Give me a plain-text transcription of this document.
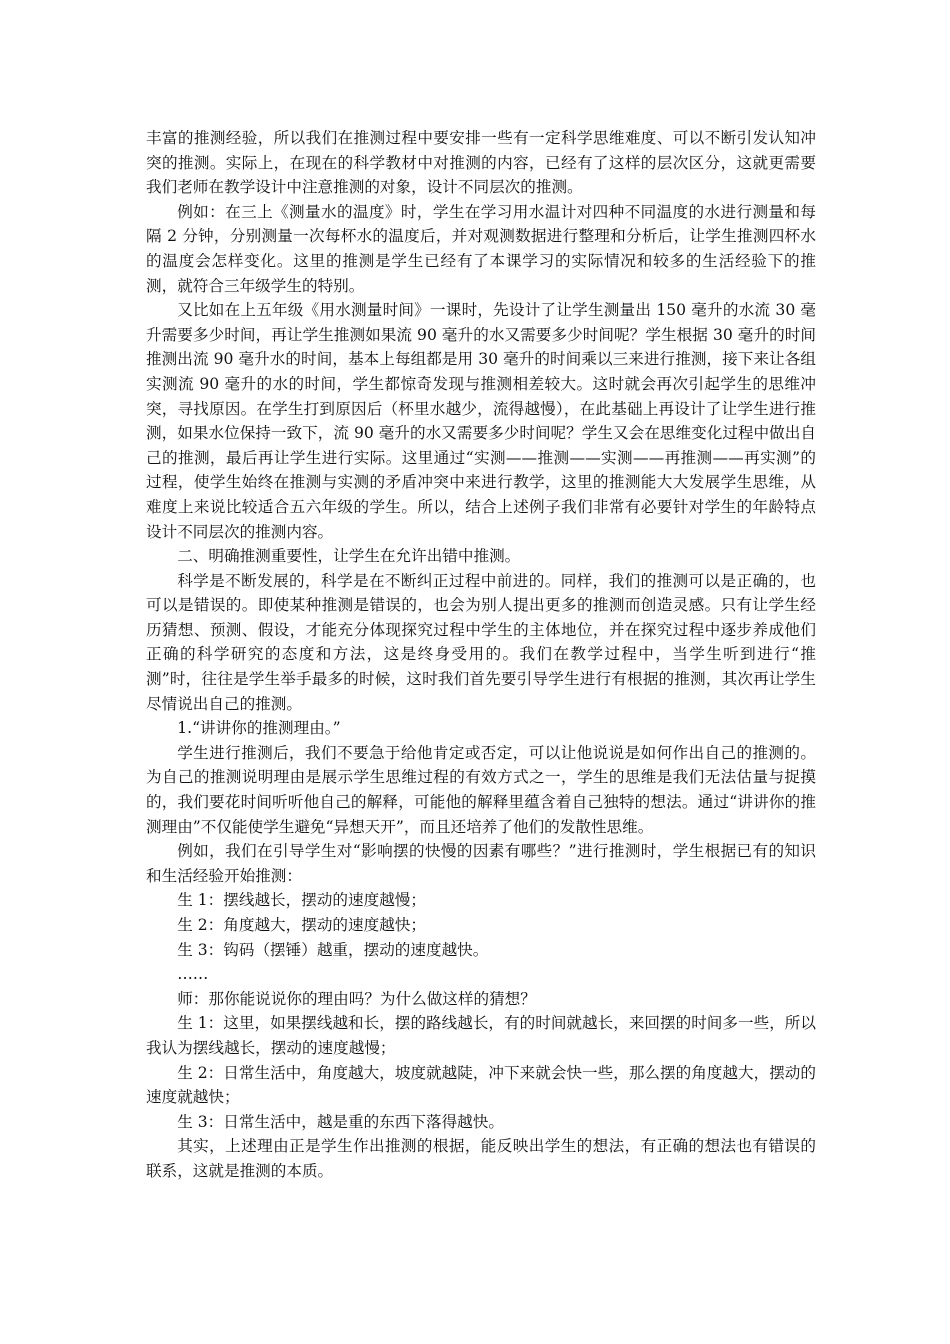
丰富的推测经验，所以我们在推测过程中要安排一些有一定科学思维难度、可以不断引发认知冲突的推测。实际上，在现在的科学教材中对推测的内容，已经有了这样的层次区分，这就更需要我们老师在教学设计中注意推测的对象，设计不同层次的推测。

例如：在三上《测量水的温度》时，学生在学习用水温计对四种不同温度的水进行测量和每隔 2 分钟，分别测量一次每杯水的温度后，并对观测数据进行整理和分析后，让学生推测四杯水的温度会怎样变化。这里的推测是学生已经有了本课学习的实际情况和较多的生活经验下的推测，就符合三年级学生的特别。

又比如在上五年级《用水测量时间》一课时，先设计了让学生测量出 150 毫升的水流 30 毫升需要多少时间，再让学生推测如果流 90 毫升的水又需要多少时间呢？学生根据 30 毫升的时间推测出流 90 毫升水的时间，基本上每组都是用 30 毫升的时间乘以三来进行推测，接下来让各组实测流 90 毫升的水的时间，学生都惊奇发现与推测相差较大。这时就会再次引起学生的思维冲突，寻找原因。在学生打到原因后（杯里水越少，流得越慢），在此基础上再设计了让学生进行推测，如果水位保持一致下，流 90 毫升的水又需要多少时间呢？学生又会在思维变化过程中做出自己的推测，最后再让学生进行实际。这里通过“实测——推测——实测——再推测——再实测”的过程，使学生始终在推测与实测的矛盾冲突中来进行教学，这里的推测能大大发展学生思维，从难度上来说比较适合五六年级的学生。所以，结合上述例子我们非常有必要针对学生的年龄特点设计不同层次的推测内容。

二、明确推测重要性，让学生在允许出错中推测。

科学是不断发展的，科学是在不断纠正过程中前进的。同样，我们的推测可以是正确的，也可以是错误的。即使某种推测是错误的，也会为别人提出更多的推测而创造灵感。只有让学生经历猜想、预测、假设，才能充分体现探究过程中学生的主体地位，并在探究过程中逐步养成他们正确的科学研究的态度和方法，这是终身受用的。我们在教学过程中，当学生听到进行“推测”时，往往是学生举手最多的时候，这时我们首先要引导学生进行有根据的推测，其次再让学生尽情说出自己的推测。

1.“讲讲你的推测理由。”

学生进行推测后，我们不要急于给他肯定或否定，可以让他说说是如何作出自己的推测的。为自己的推测说明理由是展示学生思维过程的有效方式之一，学生的思维是我们无法估量与捉摸的，我们要花时间听听他自己的解释，可能他的解释里蕴含着自己独特的想法。通过“讲讲你的推测理由”不仅能使学生避免“异想天开”，而且还培养了他们的发散性思维。

例如，我们在引导学生对“影响摆的快慢的因素有哪些？”进行推测时，学生根据已有的知识和生活经验开始推测：

生 1：摆线越长，摆动的速度越慢；

生 2：角度越大，摆动的速度越快；

生 3：钩码（摆锤）越重，摆动的速度越快。

……

师：那你能说说你的理由吗？为什么做这样的猜想？

生 1：这里，如果摆线越和长，摆的路线越长，有的时间就越长，来回摆的时间多一些，所以我认为摆线越长，摆动的速度越慢；

生 2：日常生活中，角度越大，坡度就越陡，冲下来就会快一些，那么摆的角度越大，摆动的速度就越快；

生 3：日常生活中，越是重的东西下落得越快。

其实，上述理由正是学生作出推测的根据，能反映出学生的想法，有正确的想法也有错误的联系，这就是推测的本质。
